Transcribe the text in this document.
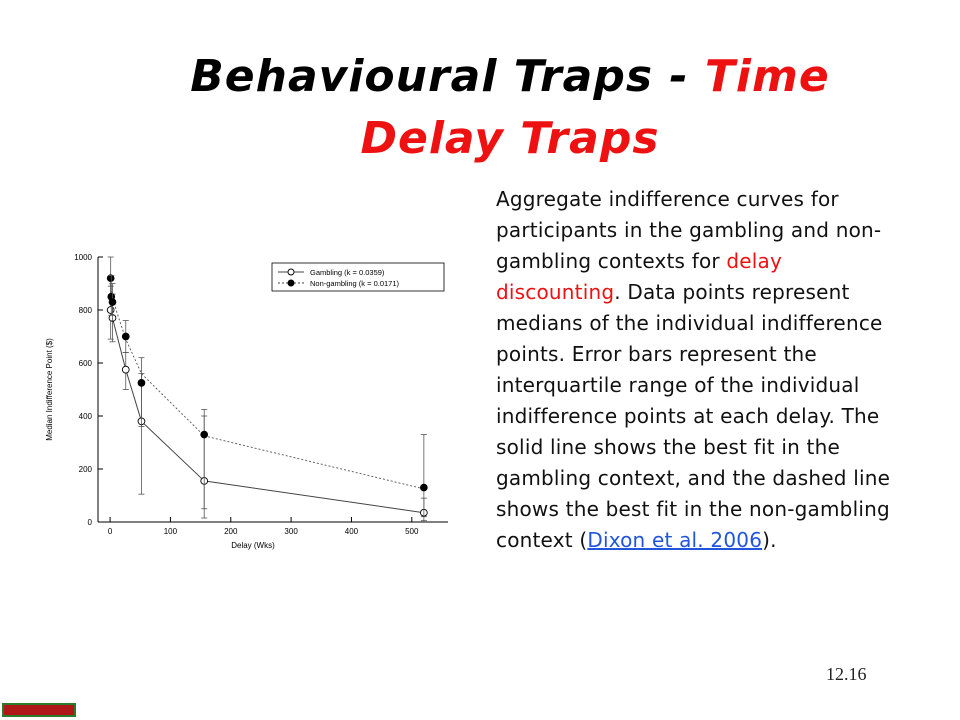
Behavioural Traps - Time
Delay Traps
0
200
400
600
800
1000
0	100	200	300	400	500
Delay (Wks)
Median Indifference Point ($)
Gambling (k = 0.0359)
Non-gambling (k = 0.0171)

Aggregate indifference curves for participants in the gambling and non-gambling contexts for delay discounting. Data points represent medians of the individual indifference points. Error bars represent the interquartile range of the individual indifference points at each delay. The solid line shows the best fit in the gambling context, and the dashed line shows the best fit in the non-gambling context (Dixon et al. 2006).

12.16
